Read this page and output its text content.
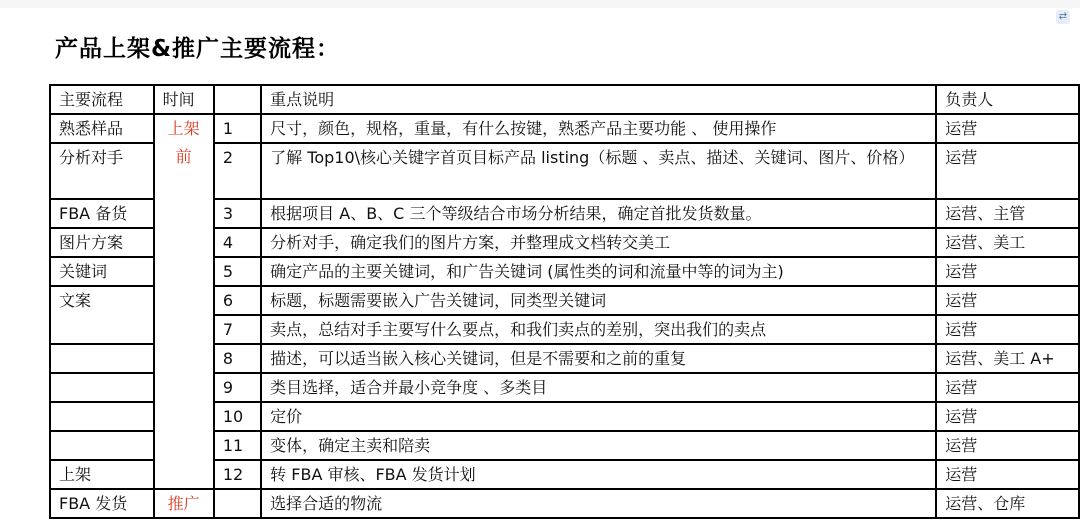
⇄
产品上架&推广主要流程：
主要流程	时间		重点说明	负责人
熟悉样品	上架	1	尺寸，颜色，规格，重量，有什么按键，熟悉产品主要功能 、 使用操作	运营
分析对手	前	2	了解 Top10\核心关键字首页目标产品 listing（标题 、卖点、描述、关键词、图片、价格）	运营
FBA 备货		3	根据项目 A、B、C 三个等级结合市场分析结果，确定首批发货数量。	运营、主管
图片方案		4	分析对手，确定我们的图片方案，并整理成文档转交美工	运营、美工
关键词		5	确定产品的主要关键词，和广告关键词 (属性类的词和流量中等的词为主)	运营
文案		6	标题，标题需要嵌入广告关键词，同类型关键词	运营
		7	卖点，总结对手主要写什么要点，和我们卖点的差别，突出我们的卖点	运营
		8	描述，可以适当嵌入核心关键词，但是不需要和之前的重复	运营、美工 A+
		9	类目选择，适合并最小竞争度 、多类目	运营
		10	定价	运营
		11	变体，确定主卖和陪卖	运营
上架		12	转 FBA 审核、FBA 发货计划	运营
FBA 发货	推广		选择合适的物流	运营、仓库
